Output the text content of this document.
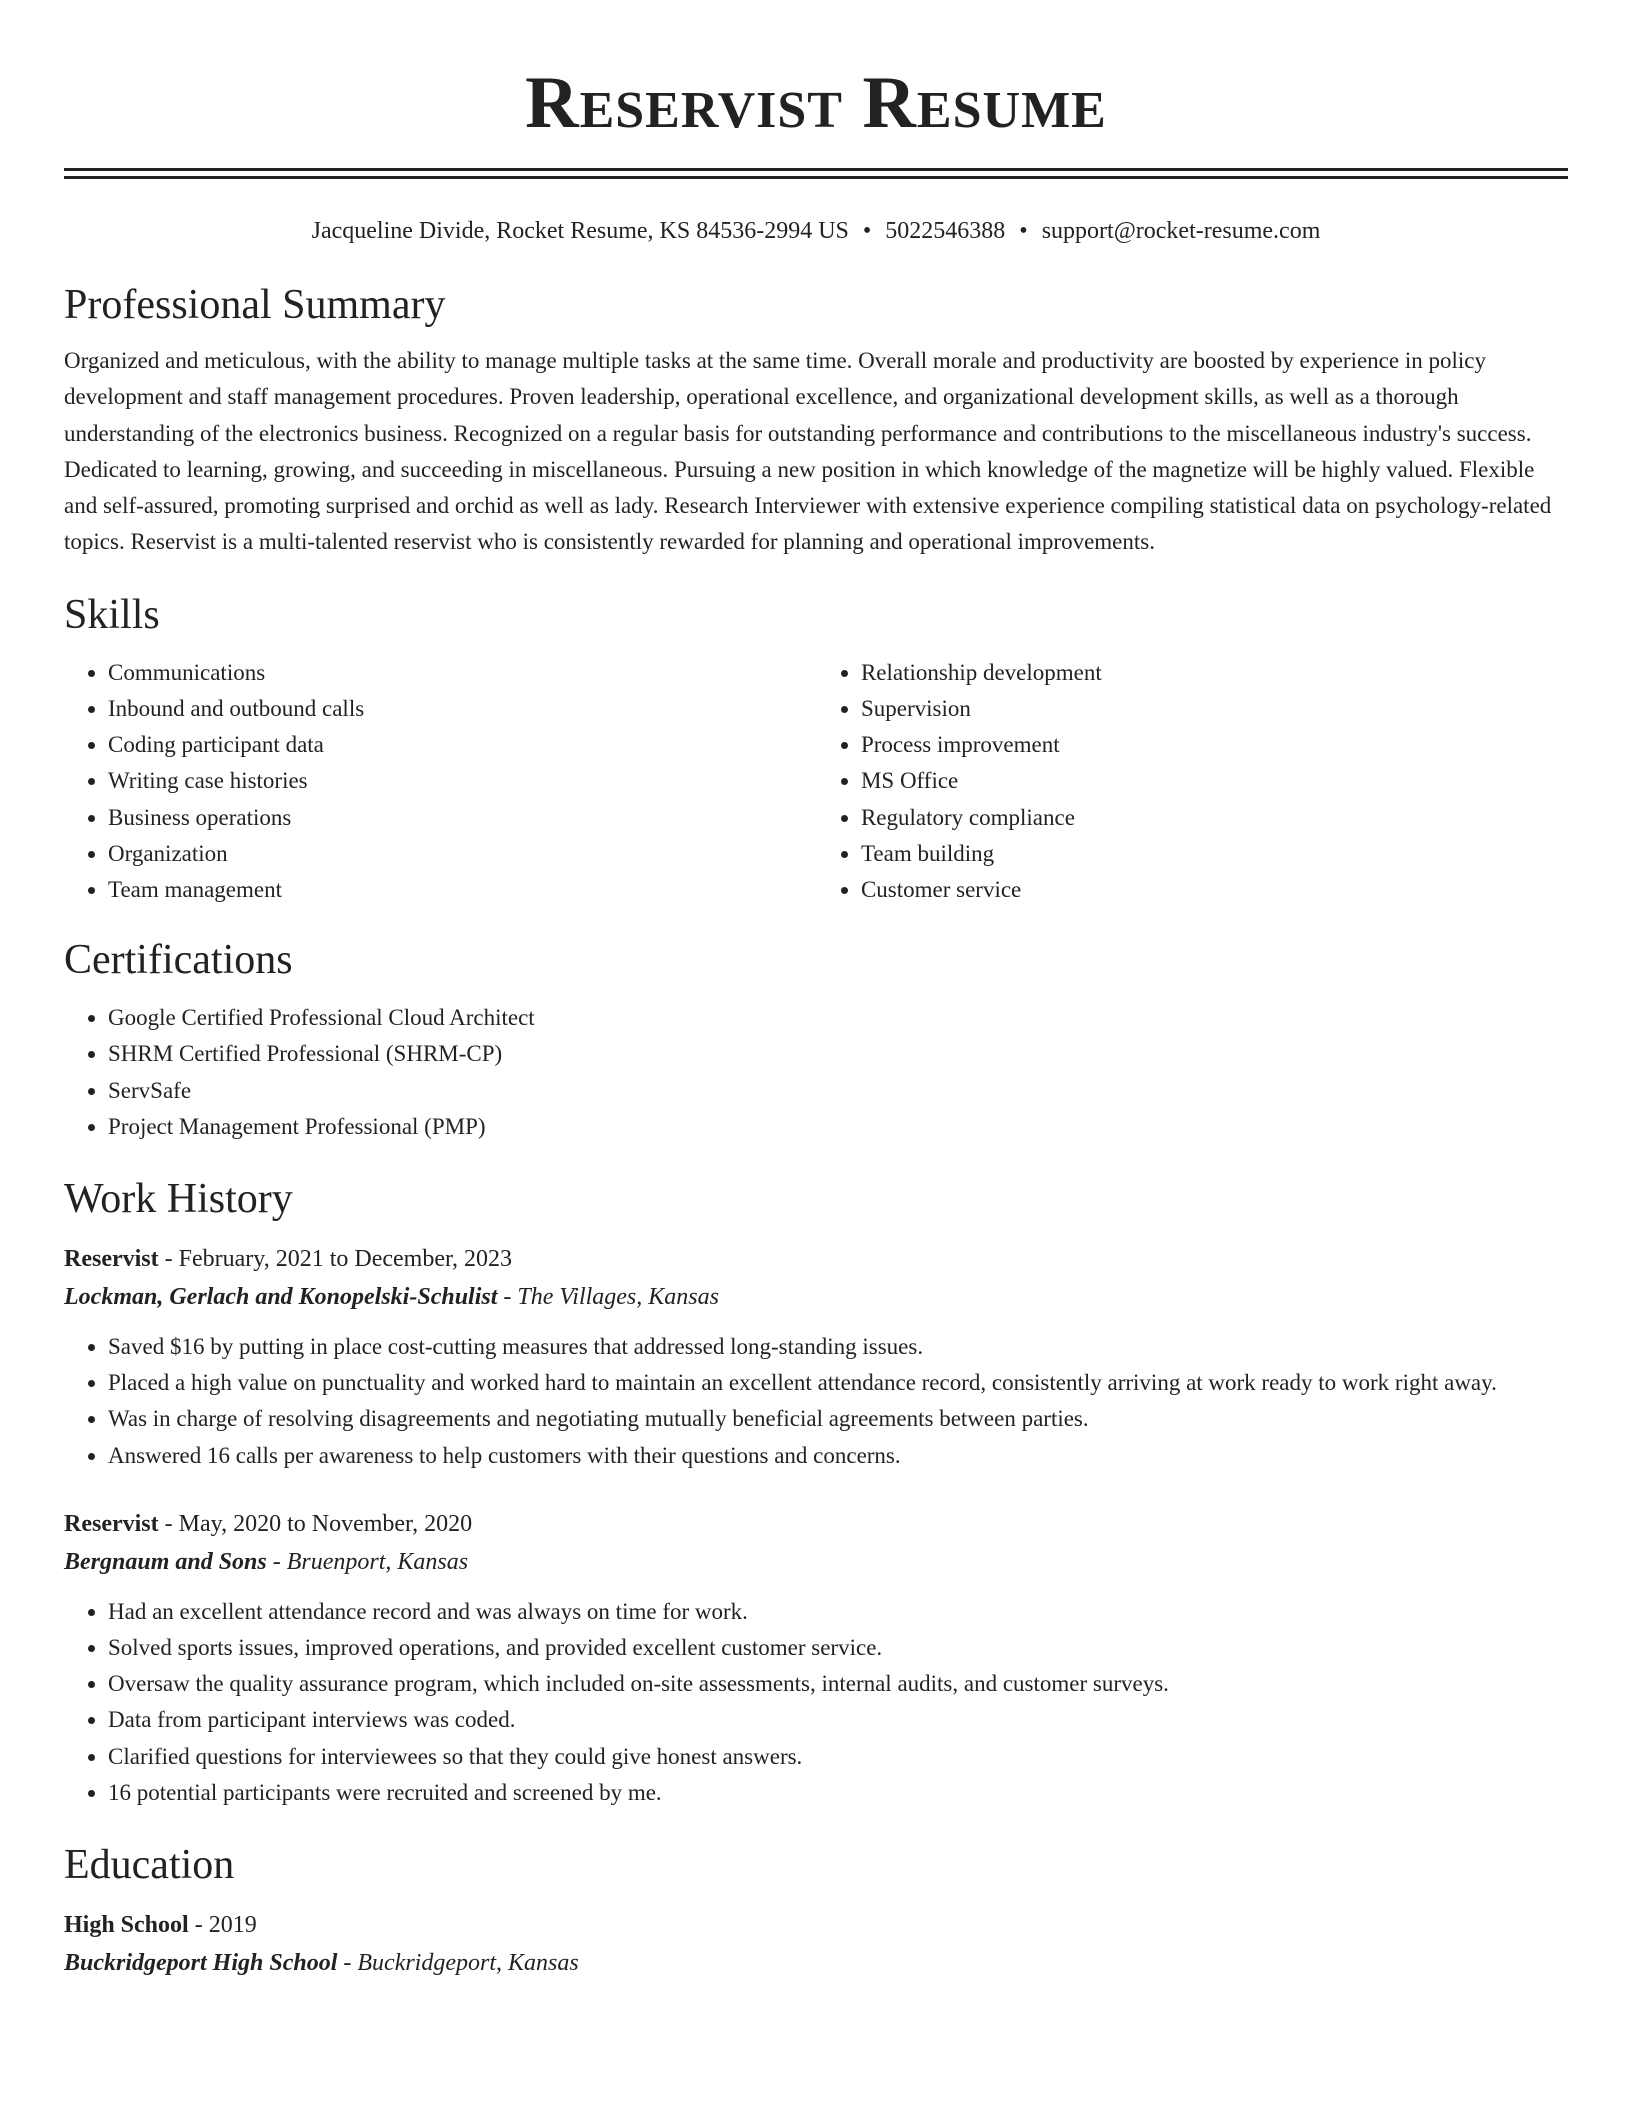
Reservist Resume
Jacqueline Divide, Rocket Resume, KS 84536-2994 US • 5022546388 • support@rocket-resume.com
Professional Summary

Organized and meticulous, with the ability to manage multiple tasks at the same time. Overall morale and productivity are boosted by experience in policy development and staff management procedures. Proven leadership, operational excellence, and organizational development skills, as well as a thorough understanding of the electronics business. Recognized on a regular basis for outstanding performance and contributions to the miscellaneous industry's success. Dedicated to learning, growing, and succeeding in miscellaneous. Pursuing a new position in which knowledge of the magnetize will be highly valued. Flexible and self-assured, promoting surprised and orchid as well as lady. Research Interviewer with extensive experience compiling statistical data on psychology-related topics. Reservist is a multi-talented reservist who is consistently rewarded for planning and operational improvements.

Skills
• Communications
• Inbound and outbound calls
• Coding participant data
• Writing case histories
• Business operations
• Organization
• Team management
• Relationship development
• Supervision
• Process improvement
• MS Office
• Regulatory compliance
• Team building
• Customer service
Certifications
• Google Certified Professional Cloud Architect
• SHRM Certified Professional (SHRM-CP)
• ServSafe
• Project Management Professional (PMP)
Work History
Reservist - February, 2021 to December, 2023
Lockman, Gerlach and Konopelski-Schulist - The Villages, Kansas
• Saved $16 by putting in place cost-cutting measures that addressed long-standing issues.
• Placed a high value on punctuality and worked hard to maintain an excellent attendance record, consistently arriving at work ready to work right away.
• Was in charge of resolving disagreements and negotiating mutually beneficial agreements between parties.
• Answered 16 calls per awareness to help customers with their questions and concerns.
Reservist - May, 2020 to November, 2020
Bergnaum and Sons - Bruenport, Kansas
• Had an excellent attendance record and was always on time for work.
• Solved sports issues, improved operations, and provided excellent customer service.
• Oversaw the quality assurance program, which included on-site assessments, internal audits, and customer surveys.
• Data from participant interviews was coded.
• Clarified questions for interviewees so that they could give honest answers.
• 16 potential participants were recruited and screened by me.
Education
High School - 2019
Buckridgeport High School - Buckridgeport, Kansas
